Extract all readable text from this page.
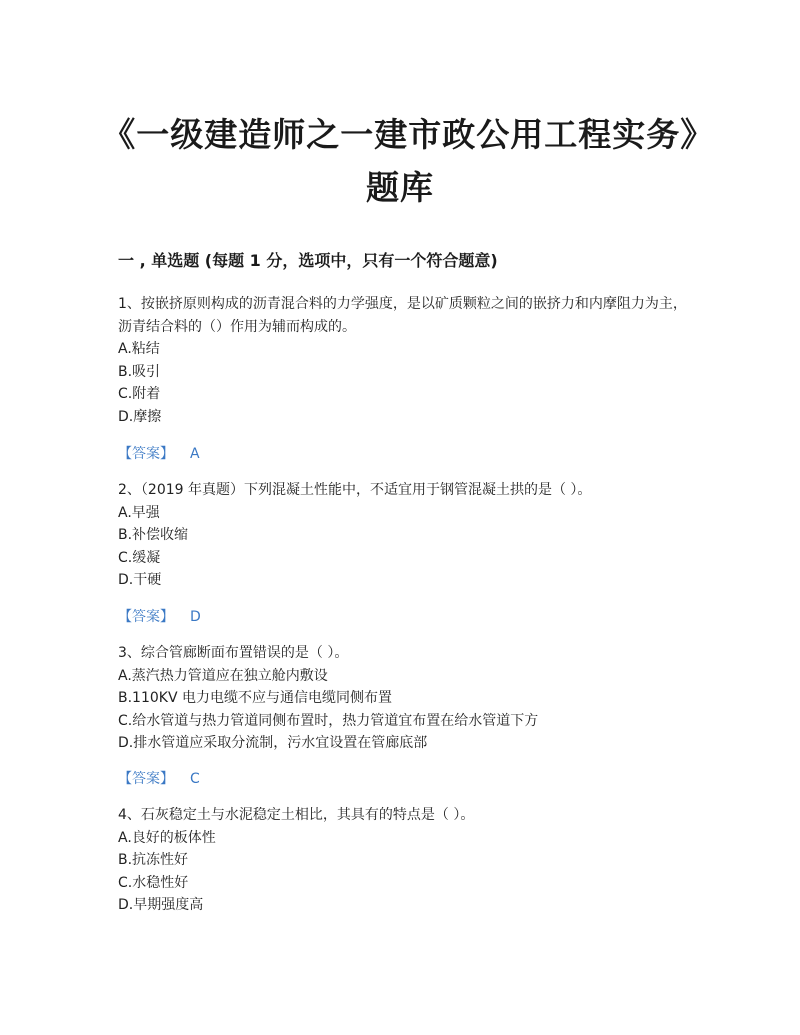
《一级建造师之一建市政公用工程实务》题库
一 , 单选题 (每题 1 分，选项中，只有一个符合题意)

1、按嵌挤原则构成的沥青混合料的力学强度，是以矿质颗粒之间的嵌挤力和内摩阻力为主，沥青结合料的（）作用为辅而构成的。

A.粘结

B.吸引

C.附着

D.摩擦

【答案】 A

2、（2019 年真题）下列混凝土性能中，不适宜用于钢管混凝土拱的是（ ）。

A.早强

B.补偿收缩

C.缓凝

D.干硬

【答案】 D

3、综合管廊断面布置错误的是（ ）。

A.蒸汽热力管道应在独立舱内敷设

B.110KV 电力电缆不应与通信电缆同侧布置

C.给水管道与热力管道同侧布置时，热力管道宜布置在给水管道下方

D.排水管道应采取分流制，污水宜设置在管廊底部

【答案】 C

4、石灰稳定土与水泥稳定土相比，其具有的特点是（ ）。

A.良好的板体性

B.抗冻性好

C.水稳性好

D.早期强度高
